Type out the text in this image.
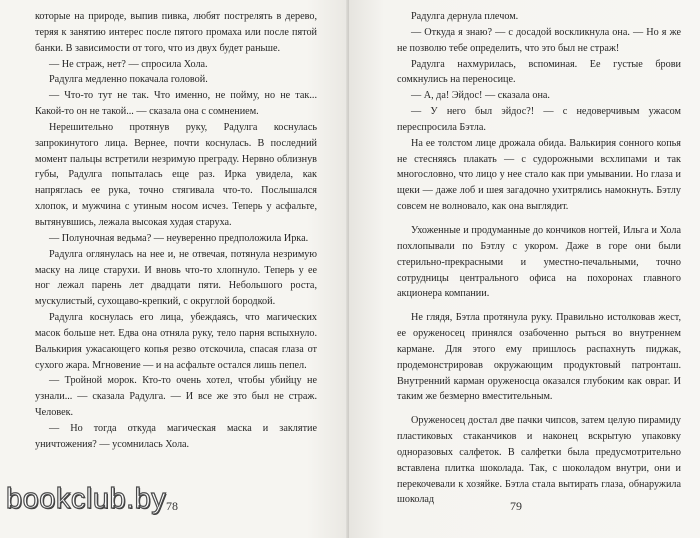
которые на природе, выпив пивка, любят пострелять в дерево, теряя к занятию интерес после пятого промаха или после пятой банки. В зависимости от того, что из двух будет раньше.

— Не страж, нет? — спросила Хола.

Радулга медленно покачала головой.

— Что-то тут не так. Что именно, не пойму, но не так... Какой-то он не такой... — сказала она с сомнением.

Нерешительно протянув руку, Радулга коснулась запрокинутого лица. Вернее, почти коснулась. В последний момент пальцы встретили незримую преграду. Нервно облизнув губы, Радулга попыталась еще раз. Ирка увидела, как напряглась ее рука, точно стягивала что-то. Послышался хлопок, и мужчина с утиным носом исчез. Теперь у асфальте, вытянувшись, лежала высокая худая старуха.

— Полуночная ведьма? — неуверенно предположила Ирка.

Радулга оглянулась на нее и, не отвечая, потянула незримую маску на лице старухи. И вновь что-то хлопнуло. Теперь у ее ног лежал парень лет двадцати пяти. Небольшого роста, мускулистый, сухощаво-крепкий, с округлой бородкой.

Радулга коснулась его лица, убеждаясь, что магических масок больше нет. Едва она отняла руку, тело парня вспыхнуло. Валькирия ужасающего копья резво отскочила, спасая глаза от сухого жара. Мгновение — и на асфальте остался лишь пепел.

— Тройной морок. Кто-то очень хотел, чтобы убийцу не узнали... — сказала Радулга. — И все же это был не страж. Человек.

— Но тогда откуда магическая маска и заклятие уничтожения? — усомнилась Хола.

78

Радулга дернула плечом.

— Откуда я знаю? — с досадой воскликнула она. — Но я же не позволю тебе определить, что это был не страж!

Радулга нахмурилась, вспоминая. Ее густые брови сомкнулись на переносице.

— А, да! Эйдос! — сказала она.

— У него был эйдос?! — с недоверчивым ужасом переспросила Бэтла.

На ее толстом лице дрожала обида. Валькирия сонного копья не стесняясь плакать — с судорожными всхлипами и так многословно, что лицо у нее стало как при умывании. Но глаза и щеки — даже лоб и шея загадочно ухитрялись намокнуть. Бэтлу совсем не волновало, как она выглядит.

Ухоженные и продуманные до кончиков ногтей, Ильга и Хола похлопывали по Бэтлу с укором. Даже в горе они были стерильно-прекрасными и уместно-печальными, точно сотрудницы центрального офиса на похоронах главного акционера компании.

Не глядя, Бэтла протянула руку. Правильно истолковав жест, ее оруженосец принялся озабоченно рыться во внутреннем кармане. Для этого ему пришлось распахнуть пиджак, продемонстрировав окружающим продуктовый патронташ. Внутренний карман оруженосца оказался глубоким как овраг. И таким же безмерно вместительным.

Оруженосец достал две пачки чипсов, затем целую пирамиду пластиковых стаканчиков и наконец вскрытую упаковку одноразовых салфеток. В салфетки была предусмотрительно вставлена плитка шоколада. Так, с шоколадом внутри, они и перекочевали к хозяйке. Бэтла стала вытирать глаза, обнаружила шоколад	79
bookclub.by
